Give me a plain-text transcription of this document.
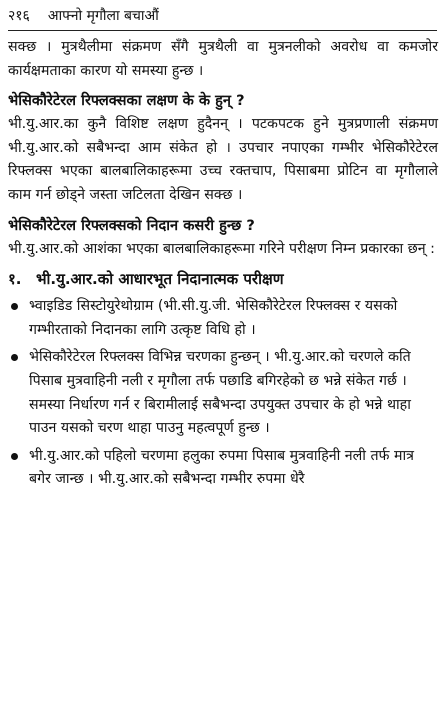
२१६ आफ्नो मृगौला बचाऔं

सक्छ । मुत्रथैलीमा संक्रमण सँगै मुत्रथैली वा मुत्रनलीको अवरोध वा कमजोर कार्यक्षमताका कारण यो समस्या हुन्छ ।

भेसिकौरेटेरल रिफ्लक्सका लक्षण के के हुन् ?

भी.यु.आर.का कुनै विशिष्ट लक्षण हुदैनन् । पटकपटक हुने मुत्रप्रणाली संक्रमण भी.यु.आर.को सबैभन्दा आम संकेत हो । उपचार नपाएका गम्भीर भेसिकौरेटेरल रिफ्लक्स भएका बालबालिकाहरूमा उच्च रक्तचाप, पिसाबमा प्रोटिन वा मृगौलाले काम गर्न छोड्ने जस्ता जटिलता देखिन सक्छ ।

भेसिकौरेटेरल रिफ्लक्सको निदान कसरी हुन्छ ?

भी.यु.आर.को आशंका भएका बालबालिकाहरूमा गरिने परीक्षण निम्न प्रकारका छन् :

१. भी.यु.आर.को आधारभूत निदानात्मक परीक्षण
भ्वाइडिड सिस्टोयुरेथोग्राम (भी.सी.यु.जी. भेसिकौरेटेरल रिफ्लक्स र यसको गम्भीरताको निदानका लागि उत्कृष्ट विधि हो ।
भेसिकौरेटेरल रिफ्लक्स विभिन्न चरणका हुन्छन् । भी.यु.आर.को चरणले कति पिसाब मुत्रवाहिनी नली र मृगौला तर्फ पछाडि बगिरहेको छ भन्ने संकेत गर्छ । समस्या निर्धारण गर्न र बिरामीलाई सबैभन्दा उपयुक्त उपचार के हो भन्ने थाहा पाउन यसको चरण थाहा पाउनु महत्वपूर्ण हुन्छ ।
भी.यु.आर.को पहिलो चरणमा हलुका रुपमा पिसाब मुत्रवाहिनी नली तर्फ मात्र बगेर जान्छ । भी.यु.आर.को सबैभन्दा गम्भीर रुपमा धेरै
